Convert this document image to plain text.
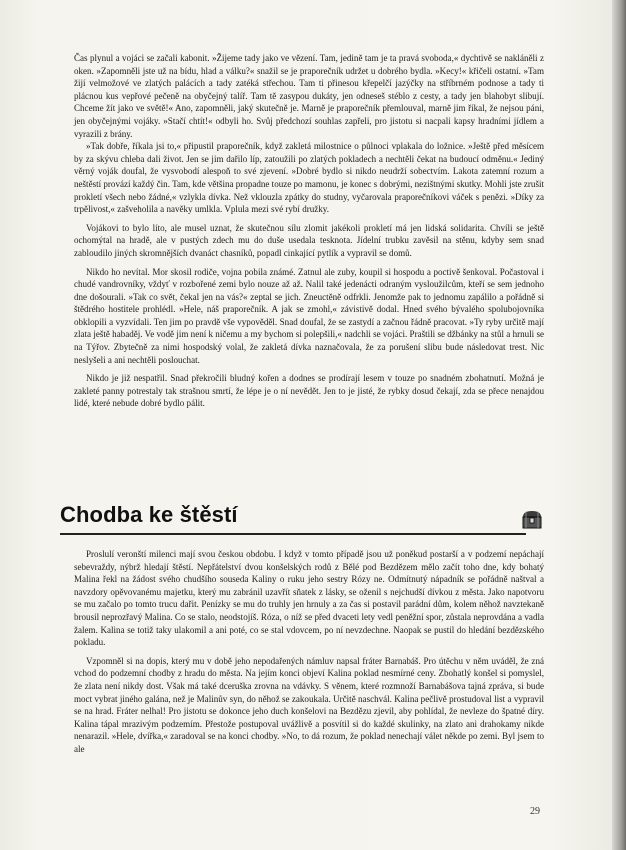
Čas plynul a vojáci se začali kabonit. »Žijeme tady jako ve vězení. Tam, jedině tam je ta pravá svoboda,« dychtivě se nakláněli z oken. »Zapomněli jste už na bídu, hlad a válku?« snažil se je praporečník udržet u dobrého bydla. »Kecy!« křičeli ostatní. »Tam žijí velmožové ve zlatých palácích a tady zatéká střechou. Tam ti přinesou křepelčí jazýčky na stříbrném podnose a tady ti plácnou kus vepřové pečeně na obyčejný talíř. Tam tě zasypou dukáty, jen odneseš stéblo z cesty, a tady jen blahobyt slibují. Chceme žít jako ve světě!« Ano, zapomněli, jaký skutečně je. Marně je praporečník přemlouval, marně jim říkal, že nejsou páni, jen obyčejnými vojáky. »Stačí chtít!« odbyli ho. Svůj předchozí souhlas zapřeli, pro jistotu si nacpali kapsy hradními jídlem a vyrazili z brány.

»Tak dobře, říkala jsi to,« připustil praporečník, když zakletá milostnice o půlnoci vplakala do ložnice. »Ještě před měsícem by za skývu chleba dali život. Jen se jim dařilo líp, zatoužili po zlatých pokladech a nechtěli čekat na budoucí odměnu.« Jediný věrný voják doufal, že vysvobodí alespoň to své zjevení. »Dobré bydlo si nikdo neudrží sobectvím. Lakota zatemní rozum a neštěstí provází každý čin. Tam, kde většina propadne touze po mamonu, je konec s dobrými, nezištnými skutky. Mohli jste zrušit prokletí všech nebo žádné,« vzlykla dívka. Než vklouzla zpátky do studny, vyčarovala praporečníkovi váček s penězi. »Díky za trpělivost,« zašveholila a navěky umlkla. Vplula mezi své rybí družky.

Vojákovi to bylo líto, ale musel uznat, že skutečnou sílu zlomit jakékoli prokletí má jen lidská solidarita. Chvíli se ještě ochomýtal na hradě, ale v pustých zdech mu do duše usedala tesknota. Jídelní trubku zavěsil na stěnu, kdyby sem snad zabloudilo jiných skromnějších dvanáct chasníků, popadl cinkající pytlík a vypravil se domů.

Nikdo ho nevítal. Mor skosil rodiče, vojna pobila známé. Zatnul ale zuby, koupil si hospodu a poctivě šenkoval. Počastoval i chudé vandrovníky, vždyť v rozbořené zemi bylo nouze až až. Nalil také jedenácti odraným vysloužilcům, kteří se sem jednoho dne došourali. »Tak co svět, čekal jen na vás?« zeptal se jich. Zneuctěně odfrkli. Jenomže pak to jednomu zapálilo a pořádně si štědrého hostitele prohlédl. »Hele, náš praporečník. A jak se zmohl,« závistivě dodal. Hned svého bývalého spolubojovníka obklopili a vyzvídali. Ten jim po pravdě vše vypověděl. Snad doufal, že se zastydí a začnou řádně pracovat. »Ty ryby určitě mají zlata ještě habaděj. Ve vodě jim není k ničemu a my bychom si polepšili,« nadchli se vojáci. Praštili se džbánky na stůl a hrnuli se na Týřov. Zbytečně za nimi hospodský volal, že zakletá dívka naznačovala, že za porušení slibu bude následovat trest. Nic neslyšeli a ani nechtěli poslouchat.

Nikdo je již nespatřil. Snad překročili bludný kořen a dodnes se prodírají lesem v touze po snadném zbohatnutí. Možná je zakleté panny potrestaly tak strašnou smrtí, že lépe je o ní nevědět. Jen to je jisté, že rybky dosud čekají, zda se přece nenajdou lidé, které nebude dobré bydlo pálit.

Chodba ke štěstí

Proslulí veronští milenci mají svou českou obdobu. I když v tomto případě jsou už poněkud postarší a v podzemí nepáchají sebevraždy, nýbrž hledají štěstí. Nepřátelství dvou konšelských rodů z Bělé pod Bezdězem mělo začít toho dne, kdy bohatý Malina řekl na žádost svého chudšího souseda Kaliny o ruku jeho sestry Rózy ne. Odmítnutý nápadník se pořádně naštval a navzdory opěvovanému majetku, který mu zabránil uzavřít sňatek z lásky, se oženil s nejchudší dívkou z města. Jako napotvoru se mu začalo po tomto trucu dařit. Penízky se mu do truhly jen hrnuly a za čas si postavil parádní dům, kolem něhož navztekaně brousil neprozřavý Malina. Co se stalo, neodstojíš. Róza, o níž se před dvaceti lety vedl peněžní spor, zůstala neprovdána a vadla žalem. Kalina se totiž taky ulakomil a ani poté, co se stal vdovcem, po ní nevzdechne. Naopak se pustil do hledání bezdězského pokladu.

Vzpomněl si na dopis, který mu v době jeho nepodařených námluv napsal fráter Barnabáš. Pro útěchu v něm uváděl, že zná vchod do podzemní chodby z hradu do města. Na jejím konci objeví Kalina poklad nesmírné ceny. Zbohatlý konšel si pomyslel, že zlata není nikdy dost. Však má také dceruška zrovna na vdávky. S věnem, které rozmnoží Barnabášova tajná zpráva, si bude moct vybrat jiného galána, než je Malinův syn, do něhož se zakoukala. Určitě naschvál. Kalina pečlivě prostudoval list a vypravil se na hrad. Fráter nelhal! Pro jistotu se dokonce jeho duch konšelovi na Bezdězu zjevil, aby pohlídal, že nevleze do špatné díry. Kalina tápal mrazivým podzemím. Přestože postupoval uvážlivě a posvítil si do každé skulinky, na zlato ani drahokamy nikde nenarazil. »Hele, dvířka,« zaradoval se na konci chodby. »No, to dá rozum, že poklad nenechají válet někde po zemi. Byl jsem to ale

29
